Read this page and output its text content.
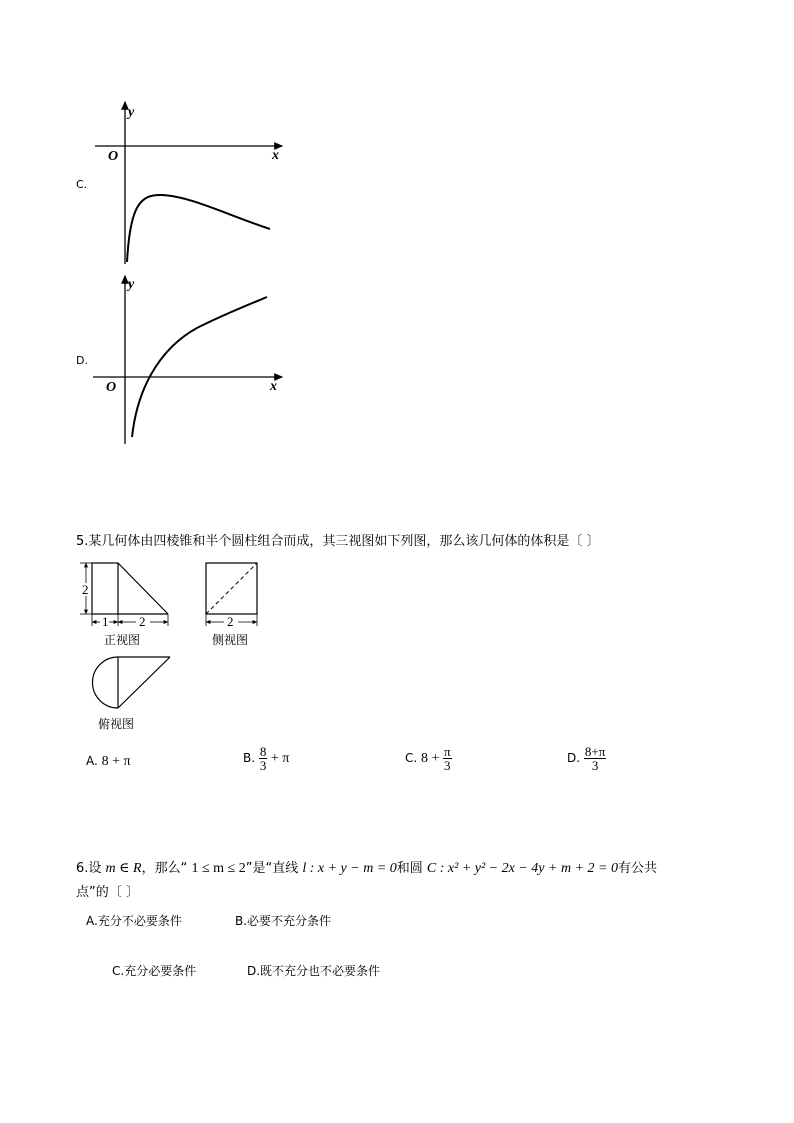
C.
y
x
O
D.
y
x
O
5.某几何体由四棱锥和半个圆柱组合而成，其三视图如下列图，那么该几何体的体积是〔 〕
2
1 2
正视图
2
侧视图
俯视图
A. 8 + π	B. $\frac{8}{3} + \pi$	C. $8 + \frac{\pi}{3}$	D. $\frac{8+\pi}{3}$
6.设 m ∈ R，那么“ 1 ≤ m ≤ 2”是“直线 l : x + y − m = 0和圆 C : x² + y² − 2x − 4y + m + 2 = 0有公共
点”的〔 〕
A.充分不必要条件	B.必要不充分条件
C.充分必要条件	D.既不充分也不必要条件
